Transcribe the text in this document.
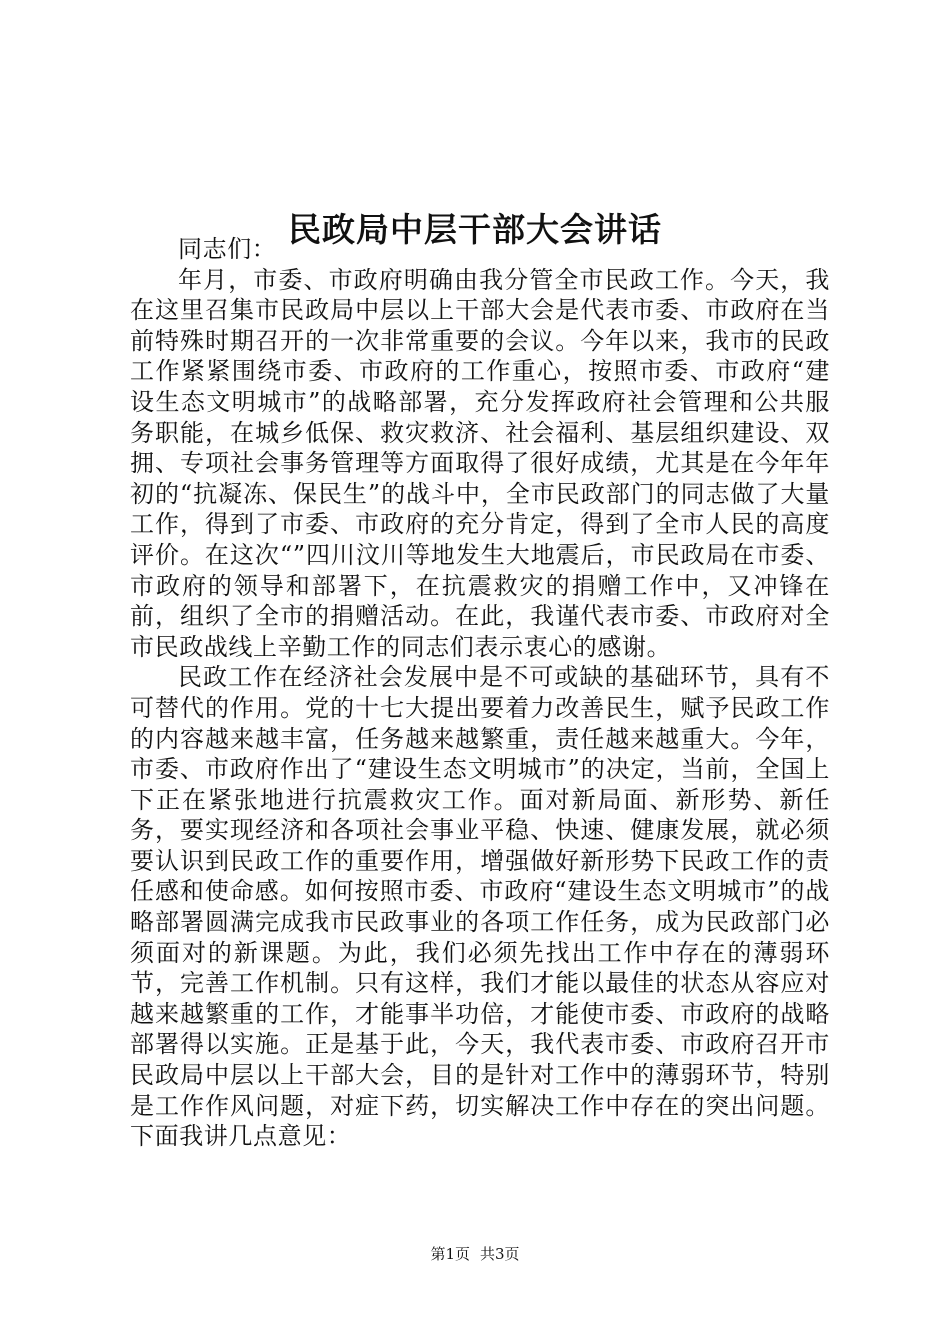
民政局中层干部大会讲话

同志们：

年月，市委、市政府明确由我分管全市民政工作。今天，我在这里召集市民政局中层以上干部大会是代表市委、市政府在当前特殊时期召开的一次非常重要的会议。今年以来，我市的民政工作紧紧围绕市委、市政府的工作重心，按照市委、市政府“建设生态文明城市”的战略部署，充分发挥政府社会管理和公共服务职能，在城乡低保、救灾救济、社会福利、基层组织建设、双拥、专项社会事务管理等方面取得了很好成绩，尤其是在今年年初的“抗凝冻、保民生”的战斗中，全市民政部门的同志做了大量工作，得到了市委、市政府的充分肯定，得到了全市人民的高度评价。在这次“”四川汶川等地发生大地震后，市民政局在市委、市政府的领导和部署下，在抗震救灾的捐赠工作中，又冲锋在前，组织了全市的捐赠活动。在此，我谨代表市委、市政府对全市民政战线上辛勤工作的同志们表示衷心的感谢。

民政工作在经济社会发展中是不可或缺的基础环节，具有不可替代的作用。党的十七大提出要着力改善民生，赋予民政工作的内容越来越丰富，任务越来越繁重，责任越来越重大。今年，市委、市政府作出了“建设生态文明城市”的决定，当前，全国上下正在紧张地进行抗震救灾工作。面对新局面、新形势、新任务，要实现经济和各项社会事业平稳、快速、健康发展，就必须要认识到民政工作的重要作用，增强做好新形势下民政工作的责任感和使命感。如何按照市委、市政府“建设生态文明城市”的战略部署圆满完成我市民政事业的各项工作任务，成为民政部门必须面对的新课题。为此，我们必须先找出工作中存在的薄弱环节，完善工作机制。只有这样，我们才能以最佳的状态从容应对越来越繁重的工作，才能事半功倍，才能使市委、市政府的战略部署得以实施。正是基于此，今天，我代表市委、市政府召开市民政局中层以上干部大会，目的是针对工作中的薄弱环节，特别是工作作风问题，对症下药，切实解决工作中存在的突出问题。下面我讲几点意见：

第1页 共3页
